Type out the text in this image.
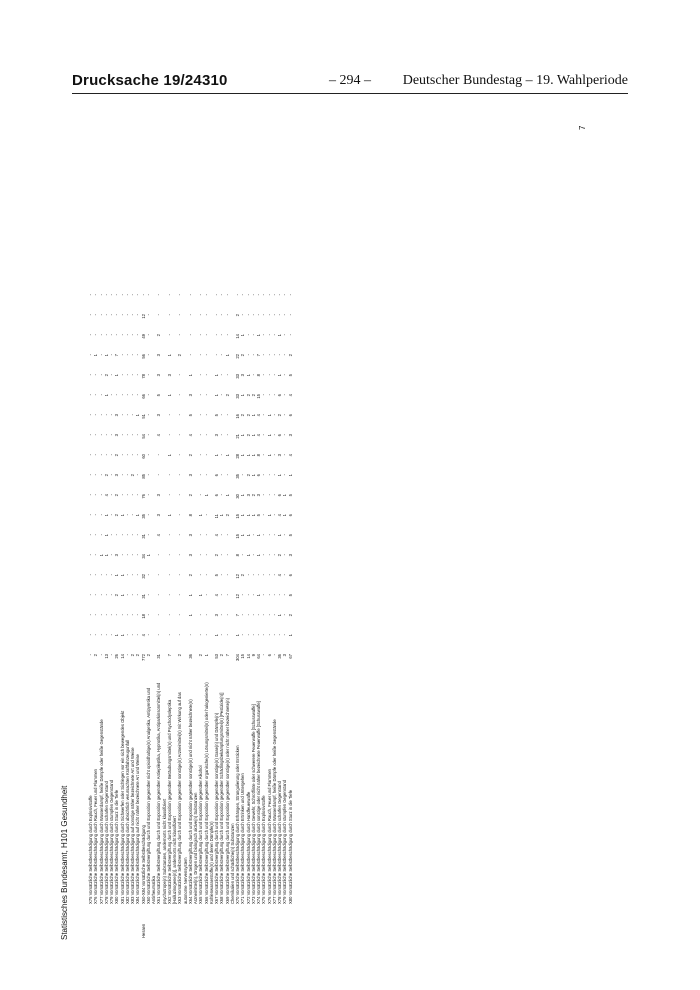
Drucksache 19/24310	– 294 –	Deutscher Bundestag – 19. Wahlperiode
Statistisches Bundesamt, H101 Gesundheit
		X75 Vorsätzliche Selbstbeschädigung durch Explosivstoffe	-	-	-	-	-	-	-	-	-	-	-	-	-	-	-	-	-	-	-
	X76 Vorsätzliche Selbstbeschädigung durch Rauch, Feuer und Flammen	2	-	-	-	-	-	-	-	-	-	-	-	-	-	-	1	-	-	-
	X77 Vorsätzliche Selbstbeschädigung durch Wasserdampf, heiße Dämpfe oder heiße Gegenstände	-	-	-	-	-	1	-	-	-	-	-	-	-	-	-	-	-	-	-
	X78 Vorsätzliche Selbstbeschädigung durch scharfen Gegenstand	13	-	-	-	-	1	1	1	4	2	-	-	-	1	2	1	-	-	-
	X79 Vorsätzliche Selbstbeschädigung durch stumpfen Gegenstand	-	-	-	-	-	-	-	-	-	-	-	-	-	-	-	-	-	-	-
	X80 Vorsätzliche Selbstbeschädigung durch Sturz in die Tiefe	26	1	-	2	1	3	-	2	2	3	2	3	3	-	1	7	-	-	-
	X81 Vorsätzliche Selbstbeschädigung durch Sichwerfen oder Sichlegen vor ein sich bewegendes Objekt	14	1	-	1	1	-	-	1	-	-	-	-	-	-	-	-	-	-	-
	X82 Vorsätzliche Selbstbeschädigung durch absichtlich verursachten Kraftfahrzeugunfall	-	-	-	-	-	-	-	-	-	-	-	-	-	-	-	-	-	-	-
	X83 Vorsätzliche Selbstbeschädigung auf sonstige näher bezeichnete Art und Weise	2	-	-	-	-	-	-	-	-	2	-	-	-	-	-	-	-	-	-
	X84 Vorsätzliche Selbstbeschädigung auf nicht näher bezeichnete Art und Weise	2	-	-	-	-	-	-	1	-	-	-	-	1	-	-	-	-	-	-
Hessen	X60-X84 Vorsätzliche Selbstbeschädigung	772	4	18	31	32	34	31	35	76	85	60	54	51	66	78	56	49	12	-
	X60 Vorsätzliche Selbstvergiftung durch und Exposition gegenüber nicht opioidhaltige(n) Analgetika, Antipyretika und Antirheumatika	2	-	-	-	-	1	-	-	-	-	-	-	-	-	-	-	-	-	-
	X61 Vorsätzliche Selbstvergiftung durch und Exposition gegenüber Antiepileptika, Hypnotika, Antiparkinsonmittel(n) und psychotrope(n) Substanzen, andernorts nicht klassifiziert	31	-	-	-	-	-	4	3	3	-	-	4	3	5	3	3	2	-	-
	X62 Vorsätzliche Selbstvergiftung durch und Exposition gegenüber Betäubungsmittel(n) und Psychodysleptika [Halluzinogene(n)], andernorts nicht klassifiziert	7	-	-	-	-	-	-	1	-	-	1	-	-	1	3	1	-	-	-
	X63 Vorsätzliche Selbstvergiftung durch und Exposition gegenüber sonstige(n) Arzneimittel(n) mit Wirkung auf das autonome Nervensystem	2	-	-	-	-	-	-	-	-	-	-	-	-	-	-	2	-	-	-
	X64 Vorsätzliche Selbstvergiftung durch und Exposition gegenüber sonstige(n) und nicht näher bezeichnete(n) Arzneimittel(n), Drogen und biologisch aktive(n) Substanzen	36	-	1	1	2	3	3	8	2	3	2	4	5	3	1	-	-	-	-
	X65 Vorsätzliche Selbstvergiftung durch und Exposition gegenüber Alkohol	2	-	-	1	-	-	-	1	-	-	-	-	-	-	-	-	-	-	-
	X66 Vorsätzliche Selbstvergiftung durch und Exposition gegenüber organische(n) Lösungsmittel(n) oder halogenierte(n) Kohlenwasserstoffe(n) und deren Dämpfe(n)	1	-	-	-	-	-	-	-	1	-	-	-	-	-	-	-	-	-	-
	X67 Vorsätzliche Selbstvergiftung durch und Exposition gegenüber sonstige(n) Gase(n) und Dämpfe(n)	53	1	3	4	5	2	4	11	6	6	1	3	5	1	1	-	-	-	-
	X68 Vorsätzliche Selbstvergiftung durch und Exposition gegenüber Schädlingsbekämpfungsmittel(n) [Pestizide(n)]	2	-	-	-	-	-	-	1	-	-	-	-	-	-	-	-	-	-	-
	X69 Vorsätzliche Selbstvergiftung durch und Exposition gegenüber sonstige(n) oder nicht näher bezeichnete(n) Chemikalien und schädliche(n) Substanzen	7	-	-	-	-	-	-	2	1	-	1	-	-	2	-	1	-	-	-
	X70 Vorsätzliche Selbstbeschädigung durch Erhängen, Strangulierung oder Ersticken	304	1	7	12	12	8	15	15	30	35	28	21	16	33	33	22	14	2	-
	X71 Vorsätzliche Selbstbeschädigung durch Ertrinken und Untergehen	15	-	-	-	2	-	1	1	1	-	1	1	2	1	3	2	1	-	-
	X72 Vorsätzliche Selbstbeschädigung durch Handfeuerwaffe	14	-	-	-	-	1	1	1	3	2	1	2	2	2	1	-	-	-	-
	X73 Vorsätzliche Selbstbeschädigung durch Gewehr, Schrotflinte oder schwerere Feuerwaffe [Schusswaffe]	9	-	-	-	-	-	-	1	2	1	1	1	1	2	-	-	-	-	-
	X74 Vorsätzliche Selbstbeschädigung durch sonstige oder nicht näher bezeichnete Feuerwaffe [Schusswaffe]	64	-	-	1	-	1	1	5	3	6	8	4	4	15	8	7	1	-	-
	X75 Vorsätzliche Selbstbeschädigung durch Explosivstoffe	-	-	-	-	-	-	-	-	-	-	-	-	-	-	-	-	-	-	-
	X76 Vorsätzliche Selbstbeschädigung durch Rauch, Feuer und Flammen	6	-	-	-	-	-	-	1	-	-	1	1	1	-	-	-	-	-	-
	X77 Vorsätzliche Selbstbeschädigung durch Wasserdampf, heiße Dämpfe oder heiße Gegenstände	-	-	-	-	-	-	-	-	-	-	-	-	-	-	-	-	-	-	-
	X78 Vorsätzliche Selbstbeschädigung durch scharfen Gegenstand	36	-	1	-	4	2	1	4	6	1	3	6	2	6	1	-	1	-	-
	X79 Vorsätzliche Selbstbeschädigung durch stumpfen Gegenstand	3	-	-	-	-	-	-	1	1	-	-	-	-	-	-	-	-	-	-
	X80 Vorsätzliche Selbstbeschädigung durch Sturz in die Tiefe	67	1	2	5	6	3	5	6	5	1	4	3	6	4	5	2	-	-	-
7
